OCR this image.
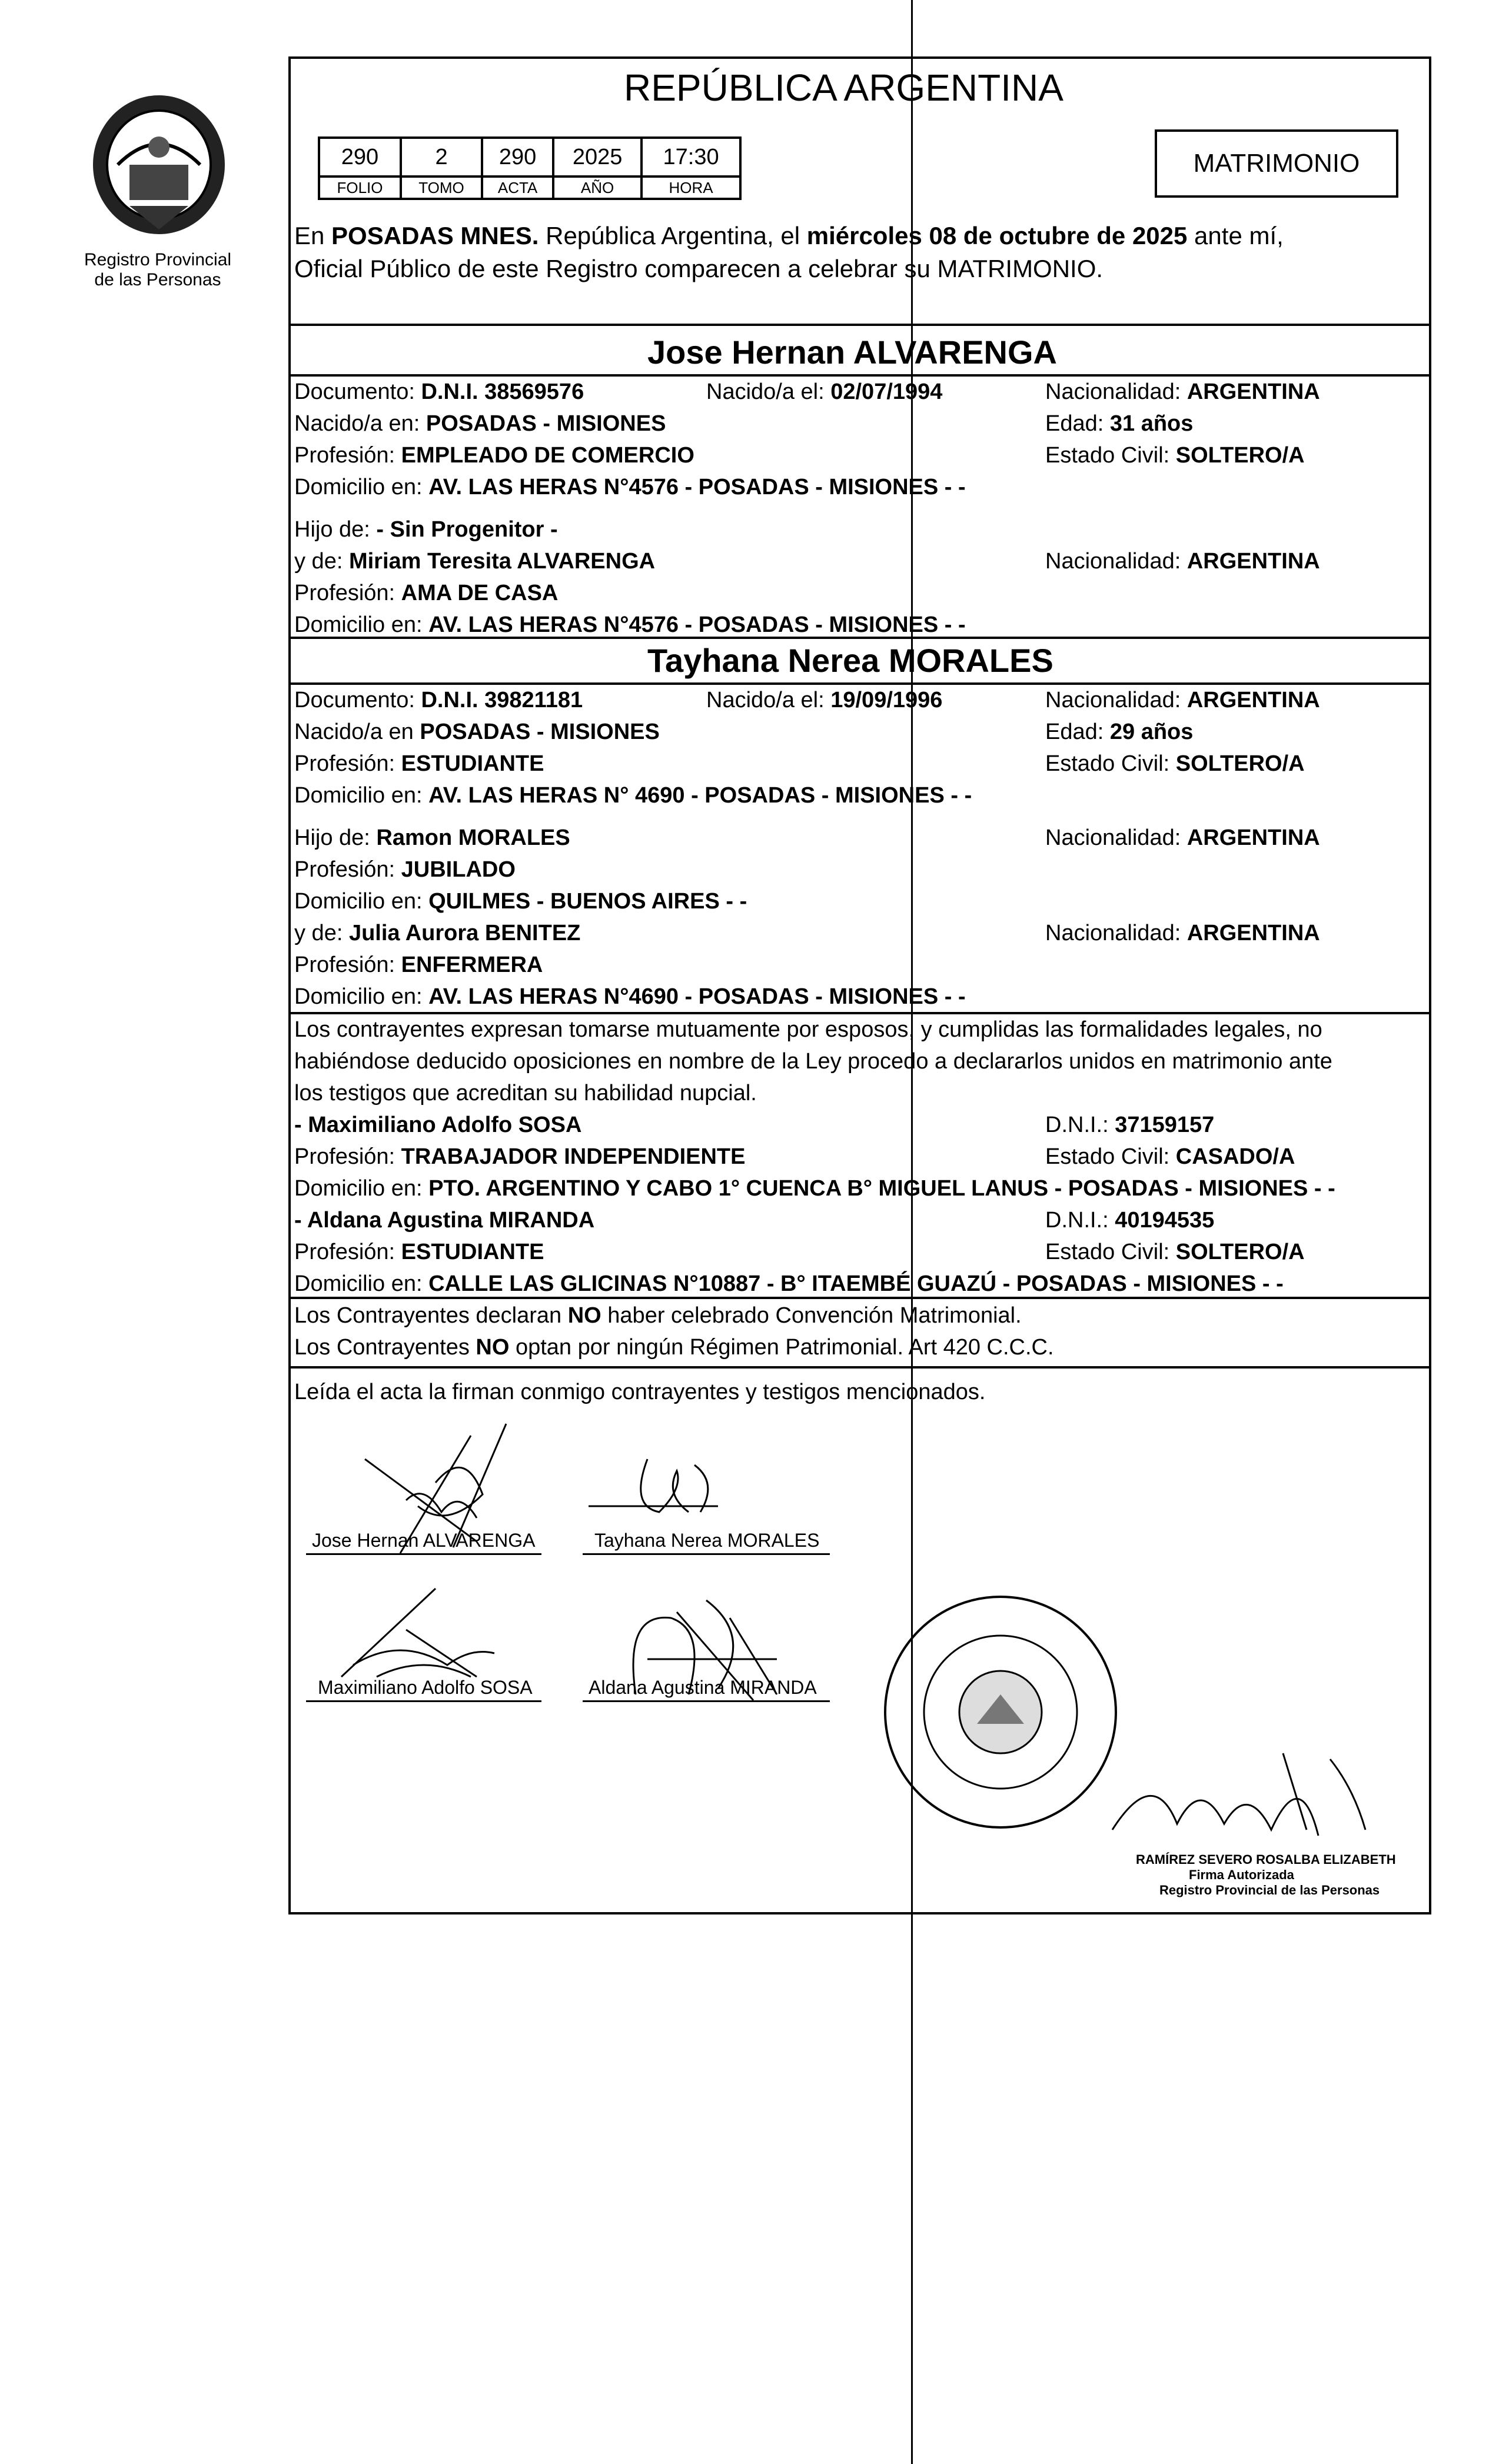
Registro Provincial
de las Personas
REPÚBLICA ARGENTINA
290	2	290	2025	17:30
FOLIO	TOMO	ACTA	AÑO	HORA
MATRIMONIO
En POSADAS MNES. República Argentina, el miércoles 08 de octubre de 2025 ante mí,
Oficial Público de este Registro comparecen a celebrar su MATRIMONIO.
Jose Hernan ALVARENGA
Documento: D.N.I. 38569576	Nacido/a el: 02/07/1994	Nacionalidad: ARGENTINA
Nacido/a en: POSADAS - MISIONES	Edad: 31 años
Profesión: EMPLEADO DE COMERCIO	Estado Civil: SOLTERO/A
Domicilio en: AV. LAS HERAS N°4576 - POSADAS - MISIONES - -
Hijo de: - Sin Progenitor -
y de: Miriam Teresita ALVARENGA	Nacionalidad: ARGENTINA
Profesión: AMA DE CASA
Domicilio en: AV. LAS HERAS N°4576 - POSADAS - MISIONES - -
Tayhana Nerea MORALES
Documento: D.N.I. 39821181	Nacido/a el: 19/09/1996	Nacionalidad: ARGENTINA
Nacido/a en POSADAS - MISIONES	Edad: 29 años
Profesión: ESTUDIANTE	Estado Civil: SOLTERO/A
Domicilio en: AV. LAS HERAS N° 4690 - POSADAS - MISIONES - -
Hijo de: Ramon MORALES	Nacionalidad: ARGENTINA
Profesión: JUBILADO
Domicilio en: QUILMES - BUENOS AIRES - -
y de: Julia Aurora BENITEZ	Nacionalidad: ARGENTINA
Profesión: ENFERMERA
Domicilio en: AV. LAS HERAS N°4690 - POSADAS - MISIONES - -
Los contrayentes expresan tomarse mutuamente por esposos, y cumplidas las formalidades legales, no
habiéndose deducido oposiciones en nombre de la Ley procedo a declararlos unidos en matrimonio ante
los testigos que acreditan su habilidad nupcial.
- Maximiliano Adolfo SOSA	D.N.I.: 37159157
Profesión: TRABAJADOR INDEPENDIENTE	Estado Civil: CASADO/A
Domicilio en: PTO. ARGENTINO Y CABO 1° CUENCA B° MIGUEL LANUS - POSADAS - MISIONES - -
- Aldana Agustina MIRANDA	D.N.I.: 40194535
Profesión: ESTUDIANTE	Estado Civil: SOLTERO/A
Domicilio en: CALLE LAS GLICINAS N°10887 - B° ITAEMBÉ GUAZÚ - POSADAS - MISIONES - -
Los Contrayentes declaran NO haber celebrado Convención Matrimonial.
Los Contrayentes NO optan por ningún Régimen Patrimonial. Art 420 C.C.C.
Leída el acta la firman conmigo contrayentes y testigos mencionados.
Jose Hernan ALVARENGA	Tayhana Nerea MORALES
Maximiliano Adolfo SOSA	Aldana Agustina MIRANDA
RAMÍREZ SEVERO ROSALBA ELIZABETH
Firma Autorizada
Registro Provincial de las Personas
